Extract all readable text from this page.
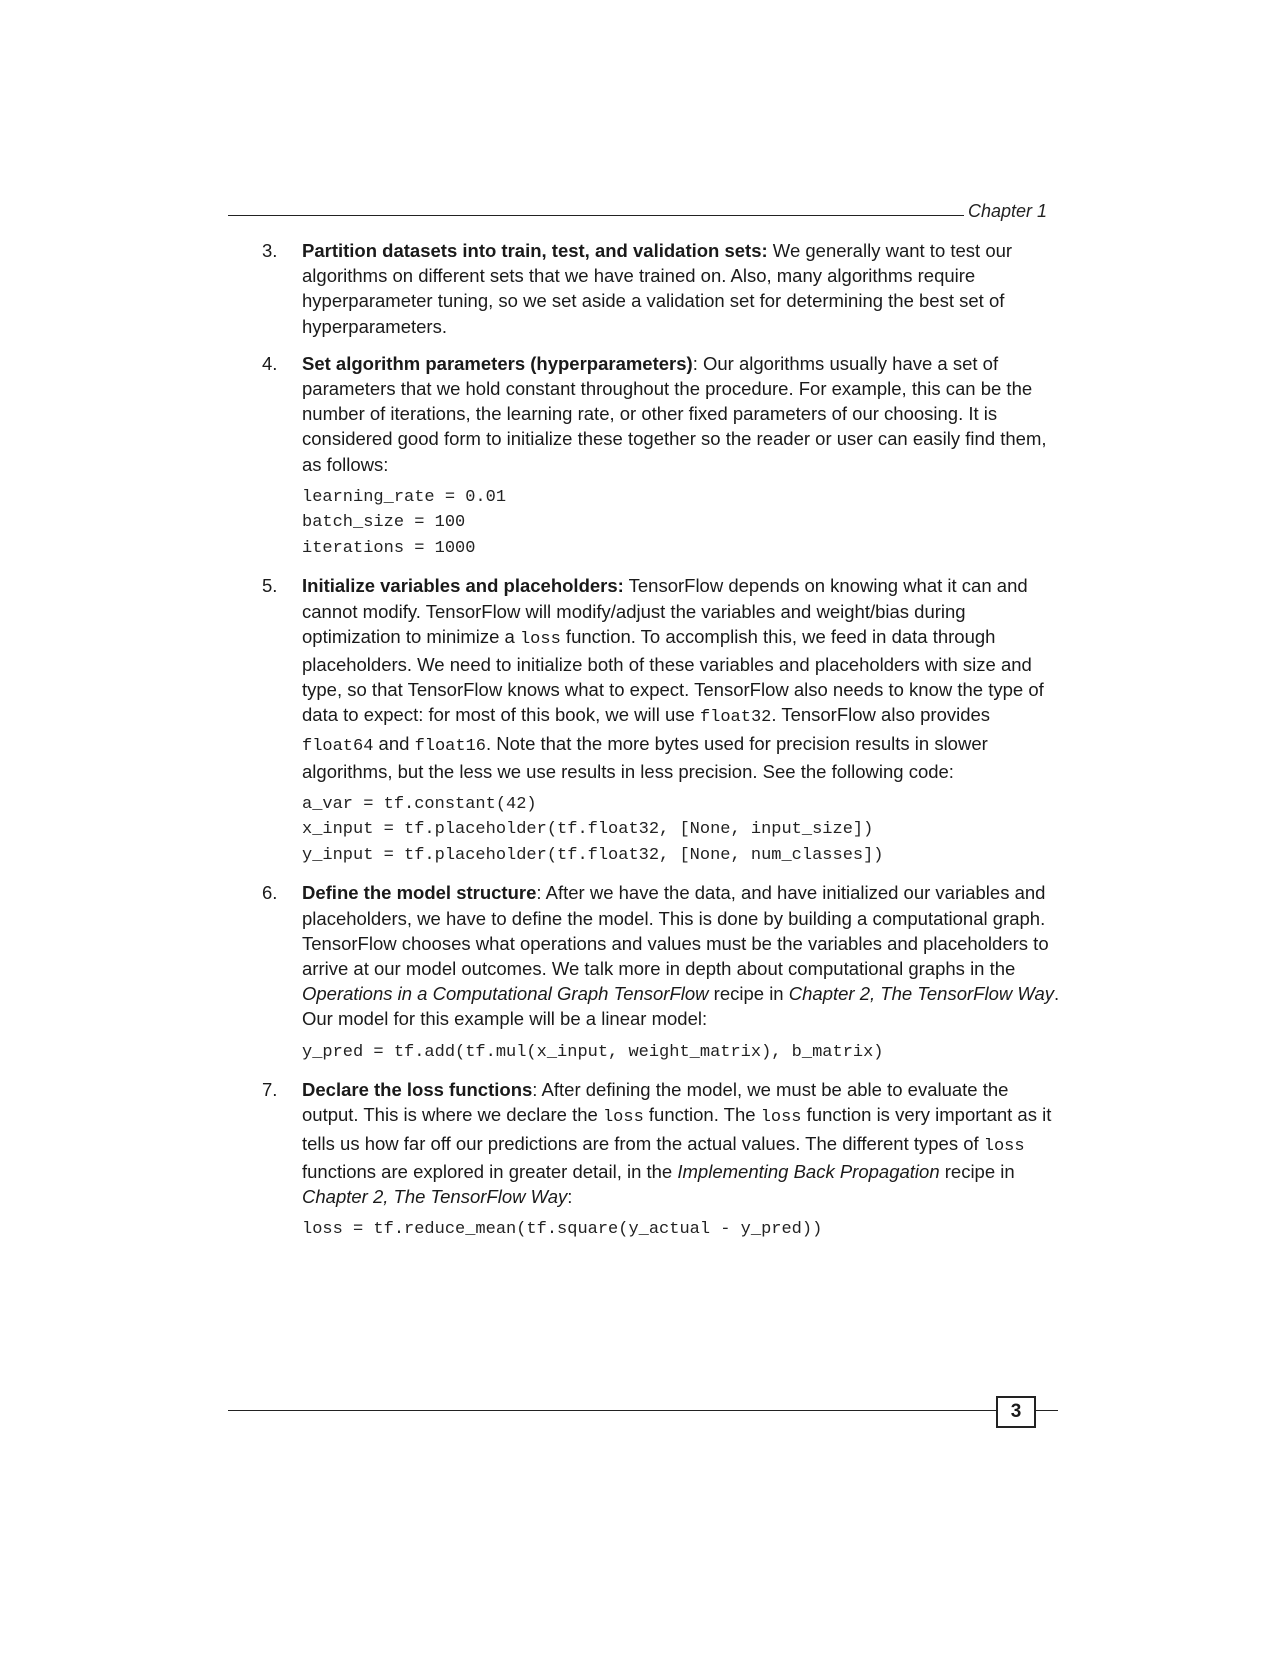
Chapter 1
3.	Partition datasets into train, test, and validation sets: We generally want to test our algorithms on different sets that we have trained on. Also, many algorithms require hyperparameter tuning, so we set aside a validation set for determining the best set of hyperparameters.

4.	Set algorithm parameters (hyperparameters): Our algorithms usually have a set of parameters that we hold constant throughout the procedure. For example, this can be the number of iterations, the learning rate, or other fixed parameters of our choosing. It is considered good form to initialize these together so the reader or user can easily find them, as follows:

learning_rate = 0.01
batch_size = 100
iterations = 1000
5.	Initialize variables and placeholders: TensorFlow depends on knowing what it can and cannot modify. TensorFlow will modify/adjust the variables and weight/bias during optimization to minimize a loss function. To accomplish this, we feed in data through placeholders. We need to initialize both of these variables and placeholders with size and type, so that TensorFlow knows what to expect. TensorFlow also needs to know the type of data to expect: for most of this book, we will use float32. TensorFlow also provides float64 and float16. Note that the more bytes used for precision results in slower algorithms, but the less we use results in less precision. See the following code:

a_var = tf.constant(42)
x_input = tf.placeholder(tf.float32, [None, input_size])
y_input = tf.placeholder(tf.float32, [None, num_classes])
6.	Define the model structure: After we have the data, and have initialized our variables and placeholders, we have to define the model. This is done by building a computational graph. TensorFlow chooses what operations and values must be the variables and placeholders to arrive at our model outcomes. We talk more in depth about computational graphs in the Operations in a Computational Graph TensorFlow recipe in Chapter 2, The TensorFlow Way. Our model for this example will be a linear model:

y_pred = tf.add(tf.mul(x_input, weight_matrix), b_matrix)
7.	Declare the loss functions: After defining the model, we must be able to evaluate the output. This is where we declare the loss function. The loss function is very important as it tells us how far off our predictions are from the actual values. The different types of loss functions are explored in greater detail, in the Implementing Back Propagation recipe in Chapter 2, The TensorFlow Way:

loss = tf.reduce_mean(tf.square(y_actual - y_pred))
3
